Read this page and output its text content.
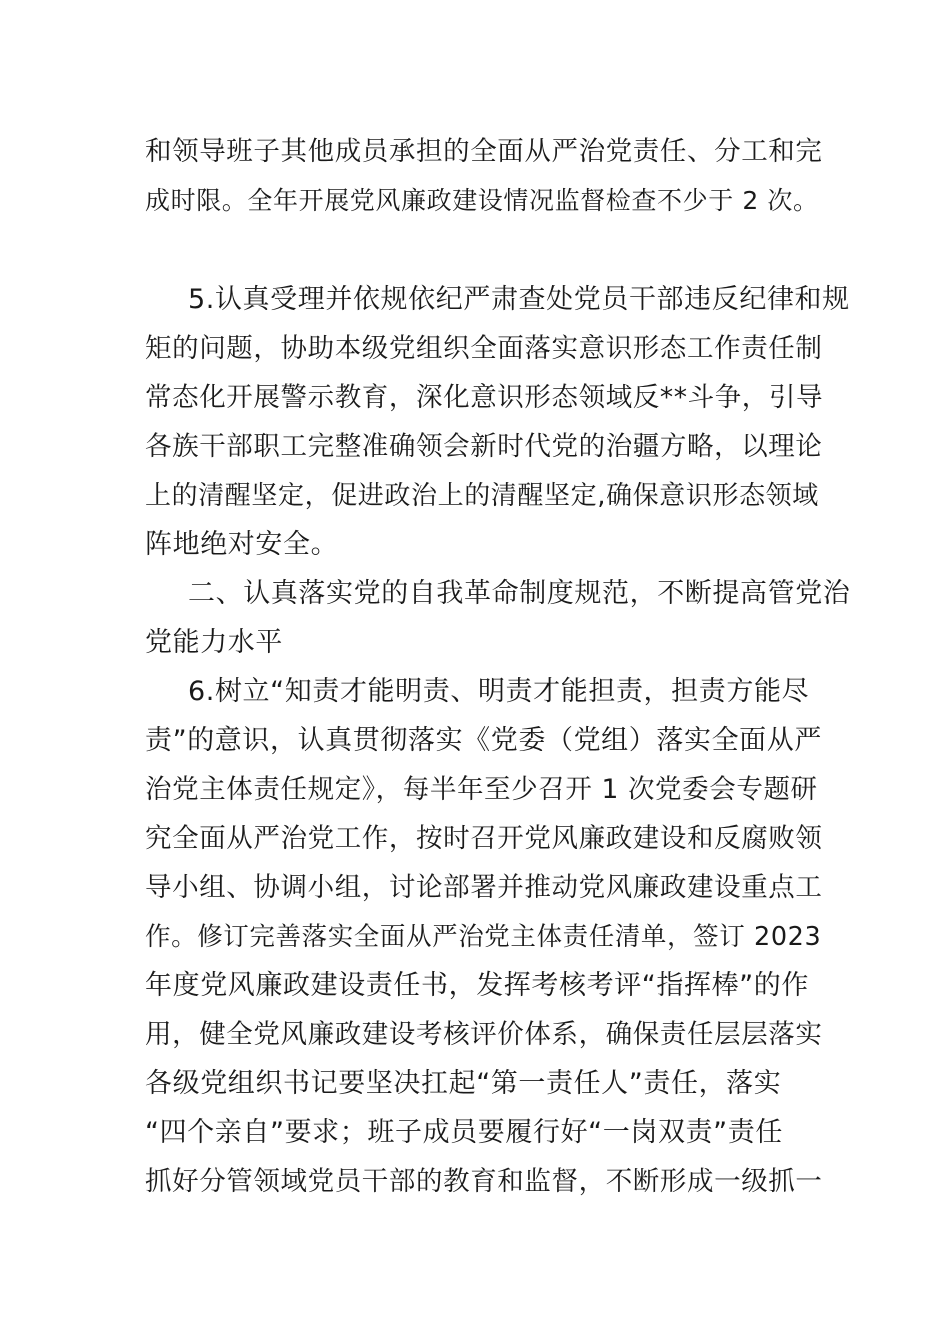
和领导班子其他成员承担的全面从严治党责任、分工和完
成时限。全年开展党风廉政建设情况监督检查不少于 2 次。
5.认真受理并依规依纪严肃查处党员干部违反纪律和规
矩的问题，协助本级党组织全面落实意识形态工作责任制
常态化开展警示教育，深化意识形态领域反**斗争，引导
各族干部职工完整准确领会新时代党的治疆方略，以理论
上的清醒坚定，促进政治上的清醒坚定,确保意识形态领域
阵地绝对安全。
二、认真落实党的自我革命制度规范，不断提高管党治
党能力水平
6.树立“知责才能明责、明责才能担责，担责方能尽
责”的意识，认真贯彻落实《党委（党组）落实全面从严
治党主体责任规定》，每半年至少召开 1 次党委会专题研
究全面从严治党工作，按时召开党风廉政建设和反腐败领
导小组、协调小组，讨论部署并推动党风廉政建设重点工
作。修订完善落实全面从严治党主体责任清单，签订 2023
年度党风廉政建设责任书，发挥考核考评“指挥棒”的作
用，健全党风廉政建设考核评价体系，确保责任层层落实
各级党组织书记要坚决扛起“第一责任人”责任，落实
“四个亲自”要求；班子成员要履行好“一岗双责”责任
抓好分管领域党员干部的教育和监督，不断形成一级抓一
